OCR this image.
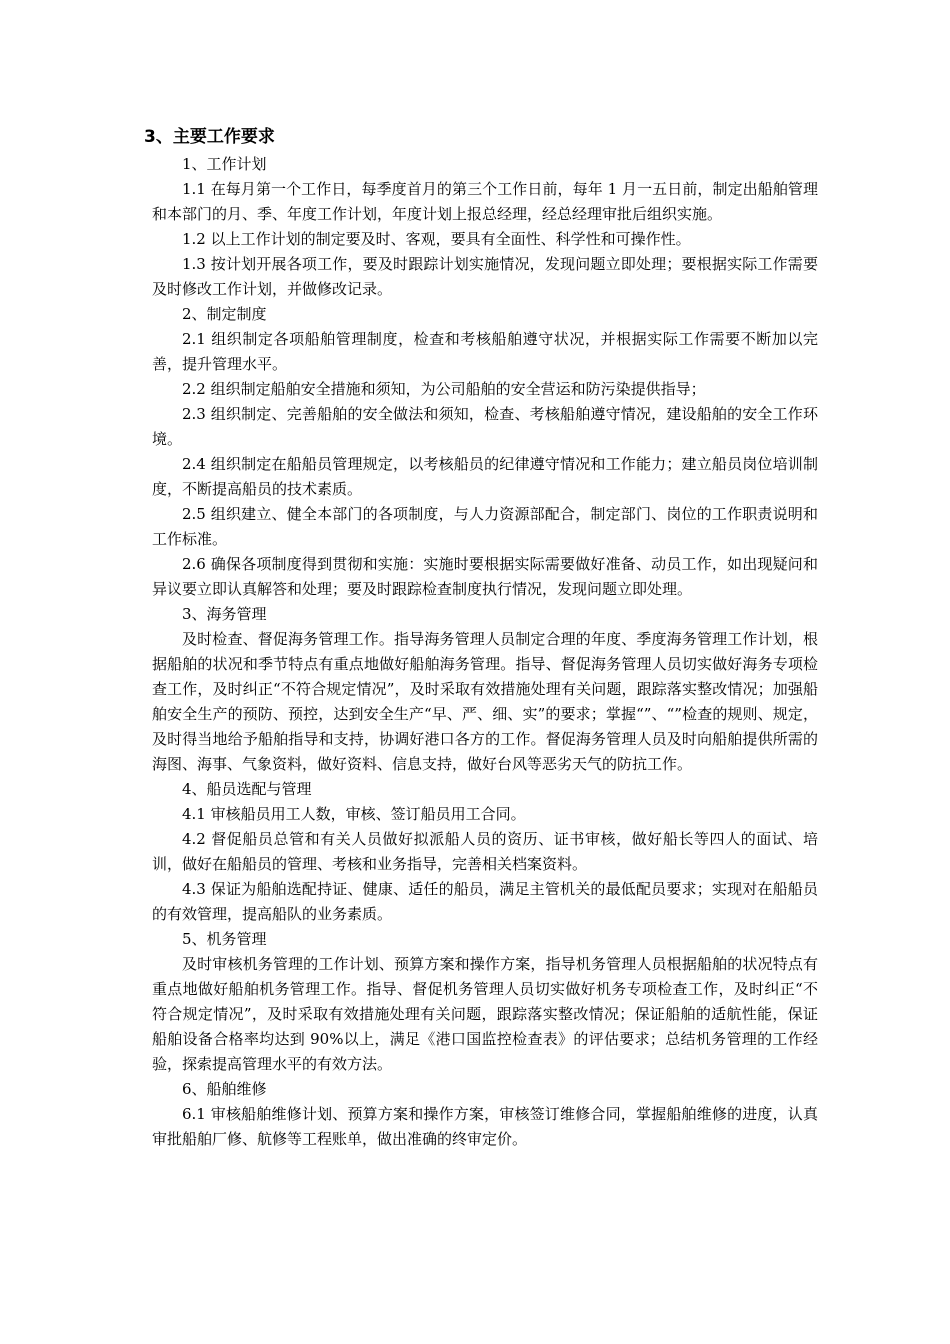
3、主要工作要求

1、工作计划

1.1 在每月第一个工作日，每季度首月的第三个工作日前，每年 1 月一五日前，制定出船舶管理和本部门的月、季、年度工作计划，年度计划上报总经理，经总经理审批后组织实施。

1.2 以上工作计划的制定要及时、客观，要具有全面性、科学性和可操作性。

1.3 按计划开展各项工作，要及时跟踪计划实施情况，发现问题立即处理；要根据实际工作需要及时修改工作计划，并做修改记录。

2、制定制度

2.1 组织制定各项船舶管理制度，检查和考核船舶遵守状况，并根据实际工作需要不断加以完善，提升管理水平。

2.2 组织制定船舶安全措施和须知，为公司船舶的安全营运和防污染提供指导；

2.3 组织制定、完善船舶的安全做法和须知，检查、考核船舶遵守情况，建设船舶的安全工作环境。

2.4 组织制定在船船员管理规定，以考核船员的纪律遵守情况和工作能力；建立船员岗位培训制度，不断提高船员的技术素质。

2.5 组织建立、健全本部门的各项制度，与人力资源部配合，制定部门、岗位的工作职责说明和工作标准。

2.6 确保各项制度得到贯彻和实施：实施时要根据实际需要做好准备、动员工作，如出现疑问和异议要立即认真解答和处理；要及时跟踪检查制度执行情况，发现问题立即处理。

3、海务管理

及时检查、督促海务管理工作。指导海务管理人员制定合理的年度、季度海务管理工作计划，根据船舶的状况和季节特点有重点地做好船舶海务管理。指导、督促海务管理人员切实做好海务专项检查工作，及时纠正“不符合规定情况”，及时采取有效措施处理有关问题，跟踪落实整改情况；加强船舶安全生产的预防、预控，达到安全生产“早、严、细、实”的要求；掌握“”、“”检查的规则、规定，及时得当地给予船舶指导和支持，协调好港口各方的工作。督促海务管理人员及时向船舶提供所需的海图、海事、气象资料，做好资料、信息支持，做好台风等恶劣天气的防抗工作。

4、船员选配与管理

4.1 审核船员用工人数，审核、签订船员用工合同。

4.2 督促船员总管和有关人员做好拟派船人员的资历、证书审核，做好船长等四人的面试、培训，做好在船船员的管理、考核和业务指导，完善相关档案资料。

4.3 保证为船舶选配持证、健康、适任的船员，满足主管机关的最低配员要求；实现对在船船员的有效管理，提高船队的业务素质。

5、机务管理

及时审核机务管理的工作计划、预算方案和操作方案，指导机务管理人员根据船舶的状况特点有重点地做好船舶机务管理工作。指导、督促机务管理人员切实做好机务专项检查工作，及时纠正“不符合规定情况”，及时采取有效措施处理有关问题，跟踪落实整改情况；保证船舶的适航性能，保证船舶设备合格率均达到 90%以上，满足《港口国监控检查表》的评估要求；总结机务管理的工作经验，探索提高管理水平的有效方法。

6、船舶维修

6.1 审核船舶维修计划、预算方案和操作方案，审核签订维修合同，掌握船舶维修的进度，认真审批船舶厂修、航修等工程账单，做出准确的终审定价。
